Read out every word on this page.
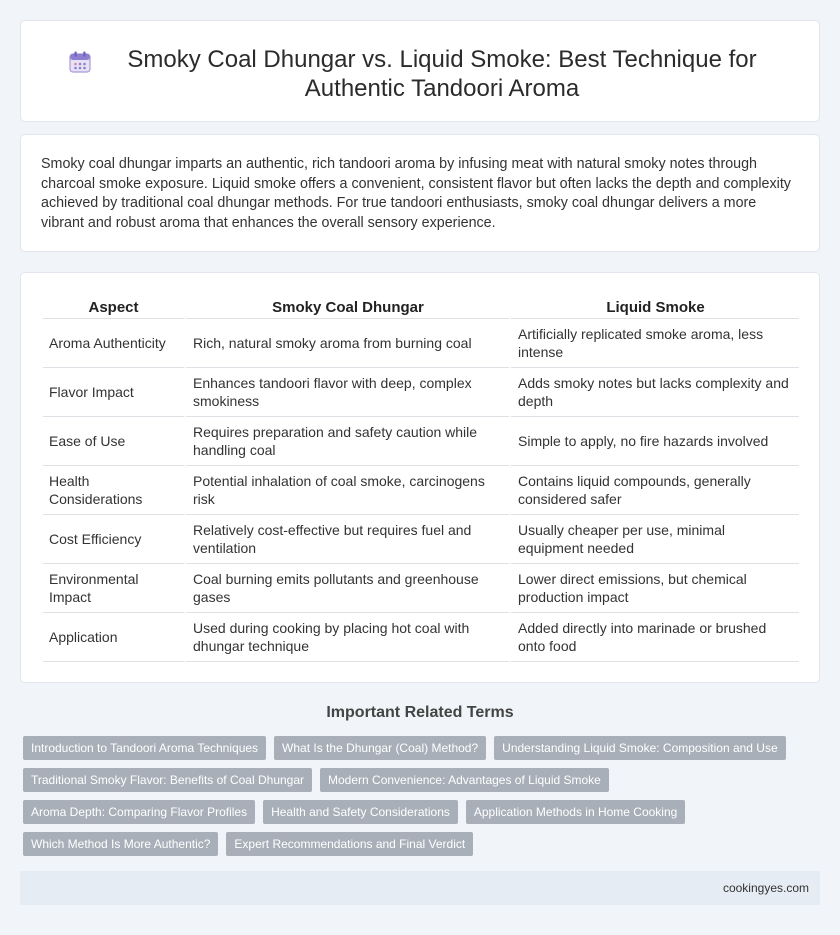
Smoky Coal Dhungar vs. Liquid Smoke: Best Technique for Authentic Tandoori Aroma

Smoky coal dhungar imparts an authentic, rich tandoori aroma by infusing meat with natural smoky notes through charcoal smoke exposure. Liquid smoke offers a convenient, consistent flavor but often lacks the depth and complexity achieved by traditional coal dhungar methods. For true tandoori enthusiasts, smoky coal dhungar delivers a more vibrant and robust aroma that enhances the overall sensory experience.

Aspect	Smoky Coal Dhungar	Liquid Smoke
Aroma Authenticity	Rich, natural smoky aroma from burning coal	Artificially replicated smoke aroma, less intense
Flavor Impact	Enhances tandoori flavor with deep, complex smokiness	Adds smoky notes but lacks complexity and depth
Ease of Use	Requires preparation and safety caution while handling coal	Simple to apply, no fire hazards involved
Health Considerations	Potential inhalation of coal smoke, carcinogens risk	Contains liquid compounds, generally considered safer
Cost Efficiency	Relatively cost-effective but requires fuel and ventilation	Usually cheaper per use, minimal equipment needed
Environmental Impact	Coal burning emits pollutants and greenhouse gases	Lower direct emissions, but chemical production impact
Application	Used during cooking by placing hot coal with dhungar technique	Added directly into marinade or brushed onto food
Important Related Terms
Introduction to Tandoori Aroma Techniques	What Is the Dhungar (Coal) Method?	Understanding Liquid Smoke: Composition and Use
Traditional Smoky Flavor: Benefits of Coal Dhungar	Modern Convenience: Advantages of Liquid Smoke
Aroma Depth: Comparing Flavor Profiles	Health and Safety Considerations	Application Methods in Home Cooking
Which Method Is More Authentic?	Expert Recommendations and Final Verdict
cookingyes.com
